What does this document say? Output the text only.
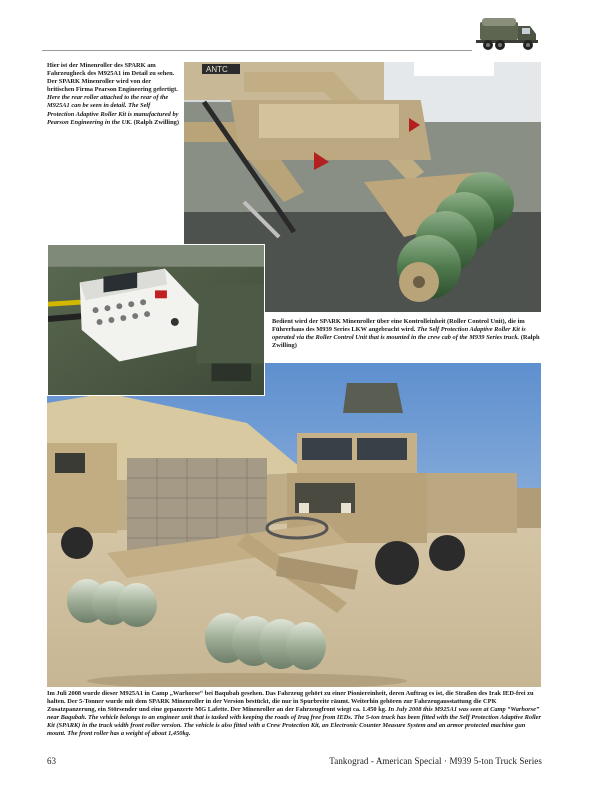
Hier ist der Minenroller des SPARK am Fahrzeugheck des M925A1 im Detail zu sehen. Der SPARK Minenroller wird von der britischen Firma Pearson Engineering gefertigt. Here the rear roller attached to the rear of the M925A1 can be seen in detail. The Self Protection Adaptive Roller Kit is manufactured by Pearson Engineering in the UK. (Ralph Zwilling)
ANTC
Bedient wird der SPARK Minenroller über eine Kontrolleinheit (Roller Control Unit), die im Führerhaus des M939 Series LKW angebracht wird. The Self Protection Adaptive Roller Kit is operated via the Roller Control Unit that is mounted in the crew cab of the M939 Series truck. (Ralph Zwilling)
Im Juli 2008 wurde dieser M925A1 in Camp „Warhorse“ bei Baqubah gesehen. Das Fahrzeug gehört zu einer Pioniereinheit, deren Auftrag es ist, die Straßen des Irak IED-frei zu halten. Der 5-Tonner wurde mit dem SPARK Minenroller in der Version bestückt, die nur in Spurbreite räumt. Weiterhin gehören zur Fahrzeugausstattung die CPK Zusatzpanzerung, ein Störsender und eine gepanzerte MG Lafette. Der Minenroller an der Fahrzeugfront wiegt ca. 1.450 kg. In July 2008 this M925A1 was seen at Camp “Warhorse” near Baqubah. The vehicle belongs to an engineer unit that is tasked with keeping the roads of Iraq free from IEDs. The 5-ton truck has been fitted with the Self Protection Adaptive Roller Kit (SPARK) in the truck width front roller version. The vehicle is also fitted with a Crew Protection Kit, an Electronic Counter Measure System and an armor protected machine gun mount. The front roller has a weight of about 1,450kg.
63	Tankograd - American Special · M939 5-ton Truck Series
